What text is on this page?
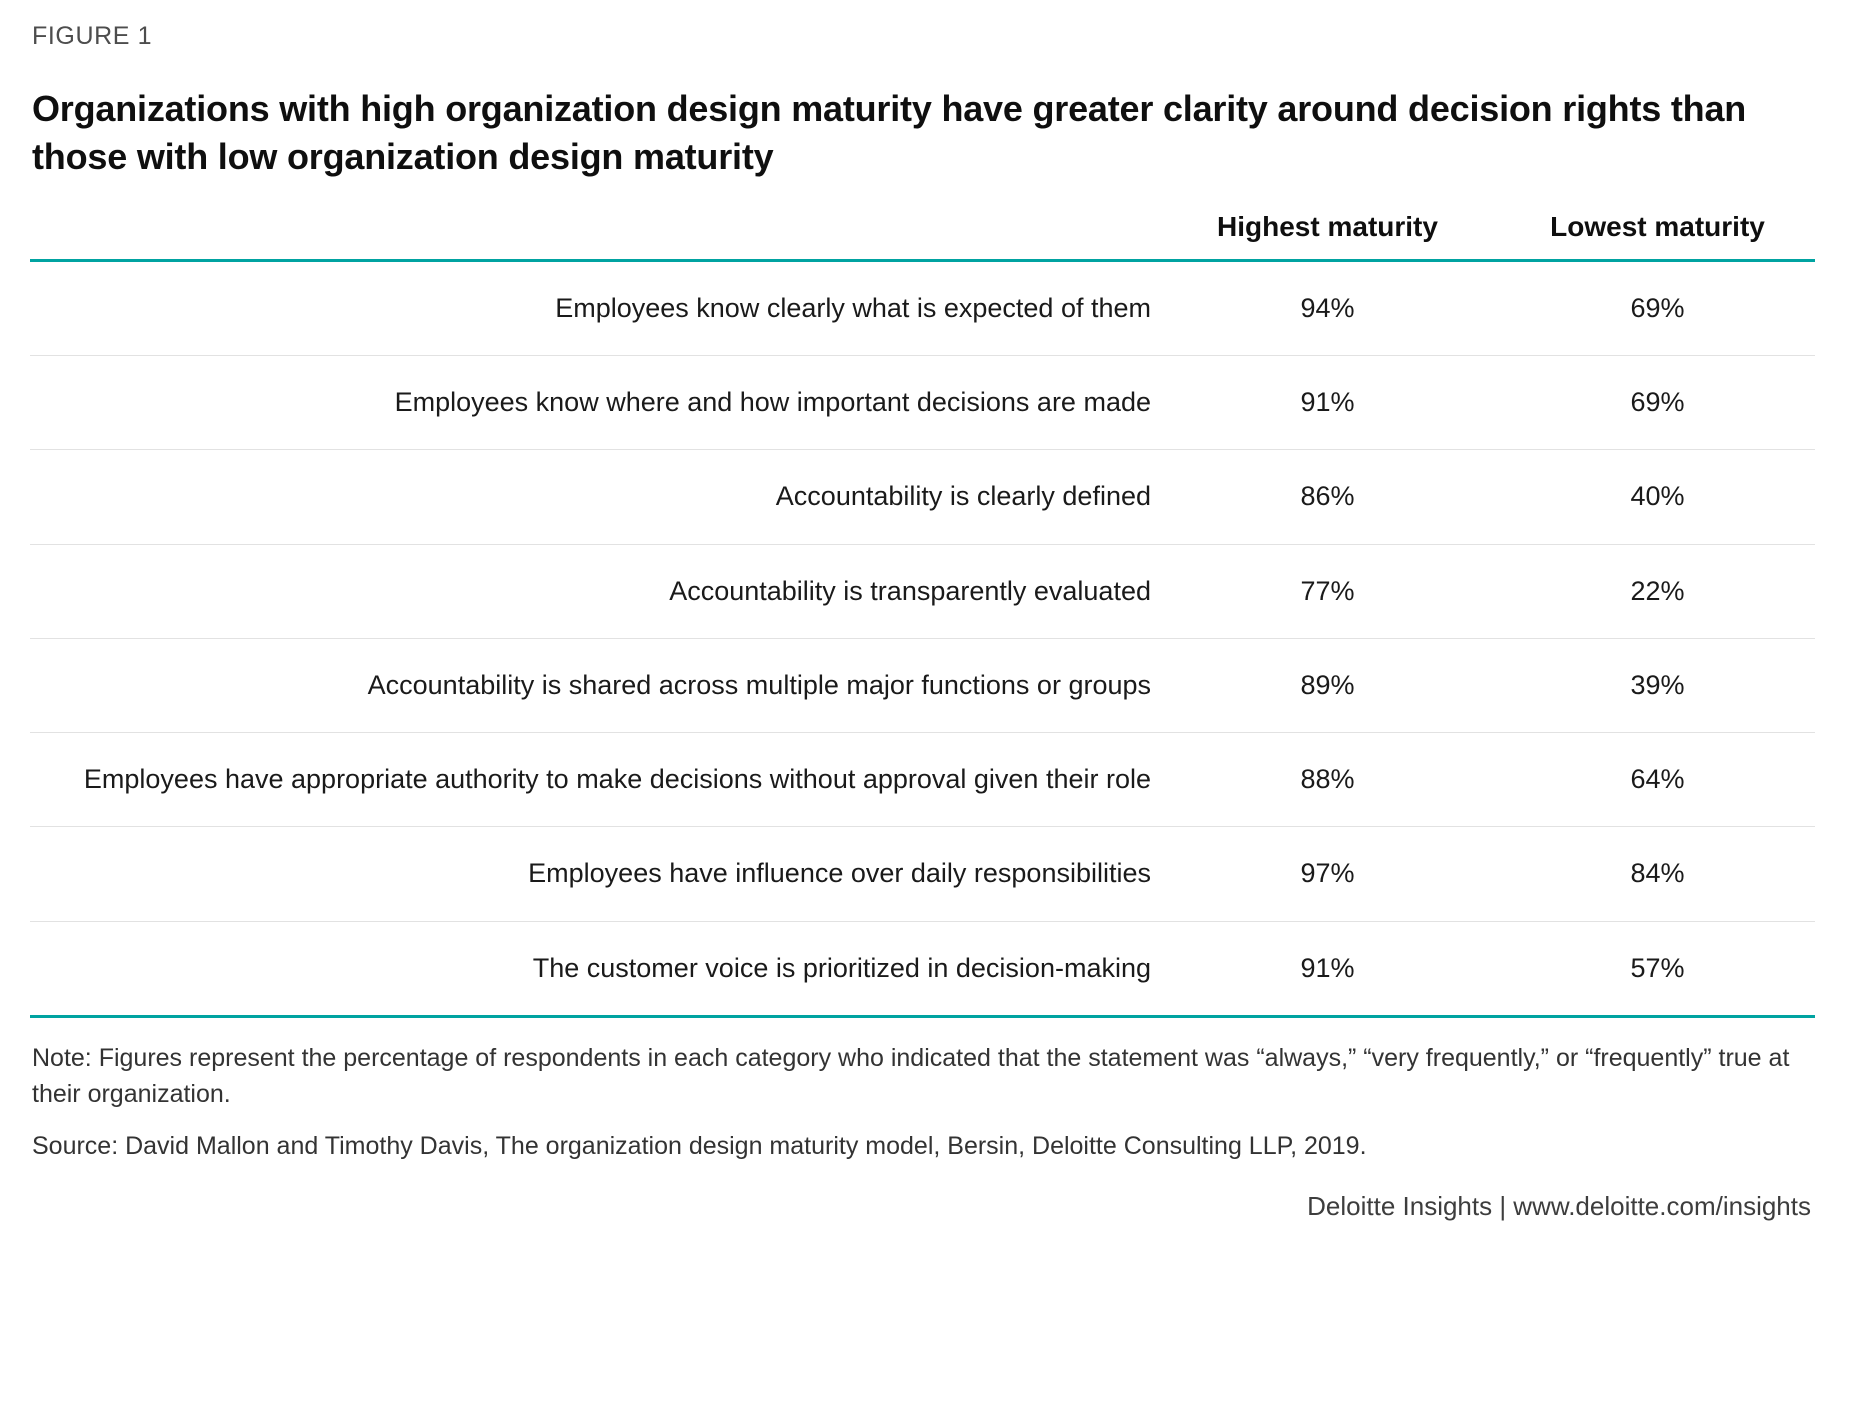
FIGURE 1
Organizations with high organization design maturity have greater clarity around decision rights than those with low organization design maturity
	Highest maturity	Lowest maturity
Employees know clearly what is expected of them	94%	69%
Employees know where and how important decisions are made	91%	69%
Accountability is clearly defined	86%	40%
Accountability is transparently evaluated	77%	22%
Accountability is shared across multiple major functions or groups	89%	39%
Employees have appropriate authority to make decisions without approval given their role	88%	64%
Employees have influence over daily responsibilities	97%	84%
The customer voice is prioritized in decision-making	91%	57%

Note: Figures represent the percentage of respondents in each category who indicated that the statement was “always,” “very frequently,” or “frequently” true at their organization.

Source: David Mallon and Timothy Davis, The organization design maturity model, Bersin, Deloitte Consulting LLP, 2019.

Deloitte Insights | www.deloitte.com/insights
